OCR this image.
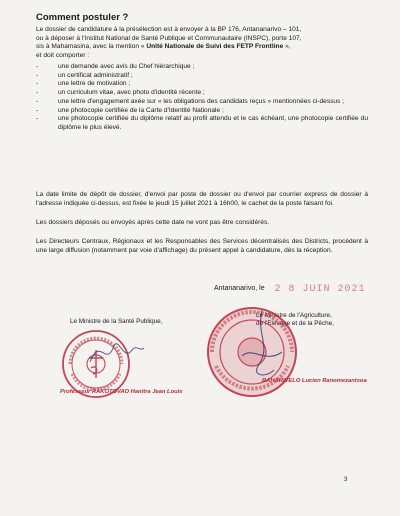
Comment postuler ?
Le dossier de candidature à la présélection est à envoyer à la BP 176, Antananarivo – 101,
ou à déposer à l'Institut National de Santé Publique et Communautaire (INSPC), porte 107,
sis à Mahamasina, avec la mention « Unité Nationale de Suivi des FETP Frontline »,
et doit comporter :
- une demande avec avis du Chef hiérarchique ;
- un certificat administratif ;
- une lettre de motivation ;
- un curriculum vitae, avec photo d'identité récente ;
- une lettre d'engagement axée sur « les obligations des candidats reçus » mentionnées ci-dessus ;
- une photocopie certifiée de la Carte d'Identité Nationale ;
- une photocopie certifiée du diplôme relatif au profil attendu et le cas échéant, une photocopie certifiée du diplôme le plus élevé.
La date limite de dépôt de dossier, d'envoi par poste de dossier ou d'envoi par courrier express de dossier à l'adresse indiquée ci-dessus, est fixée le jeudi 15 juillet 2021 à 16h00, le cachet de la poste faisant foi.
Les dossiers déposés ou envoyés après cette date ne vont pas être considérés.
Les Directeurs Centraux, Régionaux et les Responsables des Services décentralisés des Districts, procèdent à une large diffusion (notamment par voie d'affichage) du présent appel à candidature, dès la réception.
Antananarivo, le 2 8 JUIN 2021
Le Ministre de la Santé Publique,
Professeur RAKOTOVAO Hanitra Jean Louis
Le Ministre de l'Agriculture,
de l'Elevage et de la Pêche,
RAHARIVELO Lucien Ranomezantsoa
3
